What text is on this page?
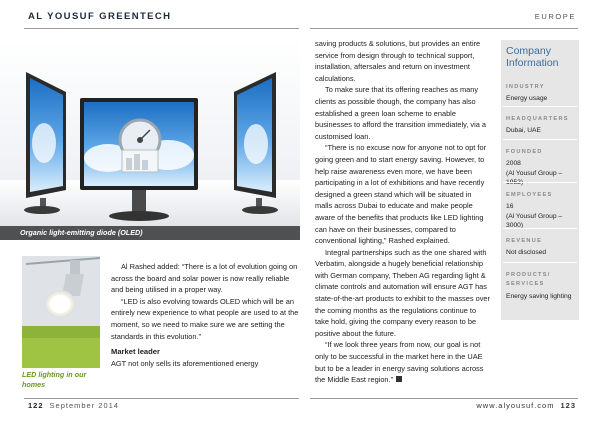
AL YOUSUF GREENTECH	EUROPE
Organic light-emitting diode (OLED)
LED lighting in our homes

Al Rashed added: “There is a lot of evolution going on across the board and solar power is now really reliable and being utilised in a proper way.

“LED is also evolving towards OLED which will be an entirely new experience to what people are used to at the moment, so we need to make sure we are setting the standards in this evolution.”

Market leader

AGT not only sells its aforementioned energy

saving products & solutions, but provides an entire service from design through to technical support, installation, aftersales and return on investment calculations.

To make sure that its offering reaches as many clients as possible though, the company has also established a green loan scheme to enable businesses to afford the transition immediately, via a customised loan.

“There is no excuse now for anyone not to opt for going green and to start energy saving. However, to help raise awareness even more, we have been participating in a lot of exhibitions and have recently designed a green stand which will be situated in malls across Dubai to educate and make people aware of the benefits that products like LED lighting can have on their businesses, compared to conventional lighting,” Rashed explained.

Integral partnerships such as the one shared with Verbatim, alongside a hugely beneficial relationship with German company, Theben AG regarding light & climate controls and automation will ensure AGT has state-of-the-art products to exhibit to the masses over the coming months as the regulations continue to take hold, giving the company every reason to be positive about the future.

“If we look three years from now, our goal is not only to be successful in the market here in the UAE but to be a leader in energy saving solutions across the Middle East region.”

Company Information
INDUSTRY
Energy usage
HEADQUARTERS
Dubai, UAE
FOUNDED
2008
(Al Yousuf Group – 1952)
EMPLOYEES
16
(Al Yousuf Group – 3000)
REVENUE
Not disclosed
PRODUCTS/ SERVICES
Energy saving lighting
122 September 2014	www.alyousuf.com 123
